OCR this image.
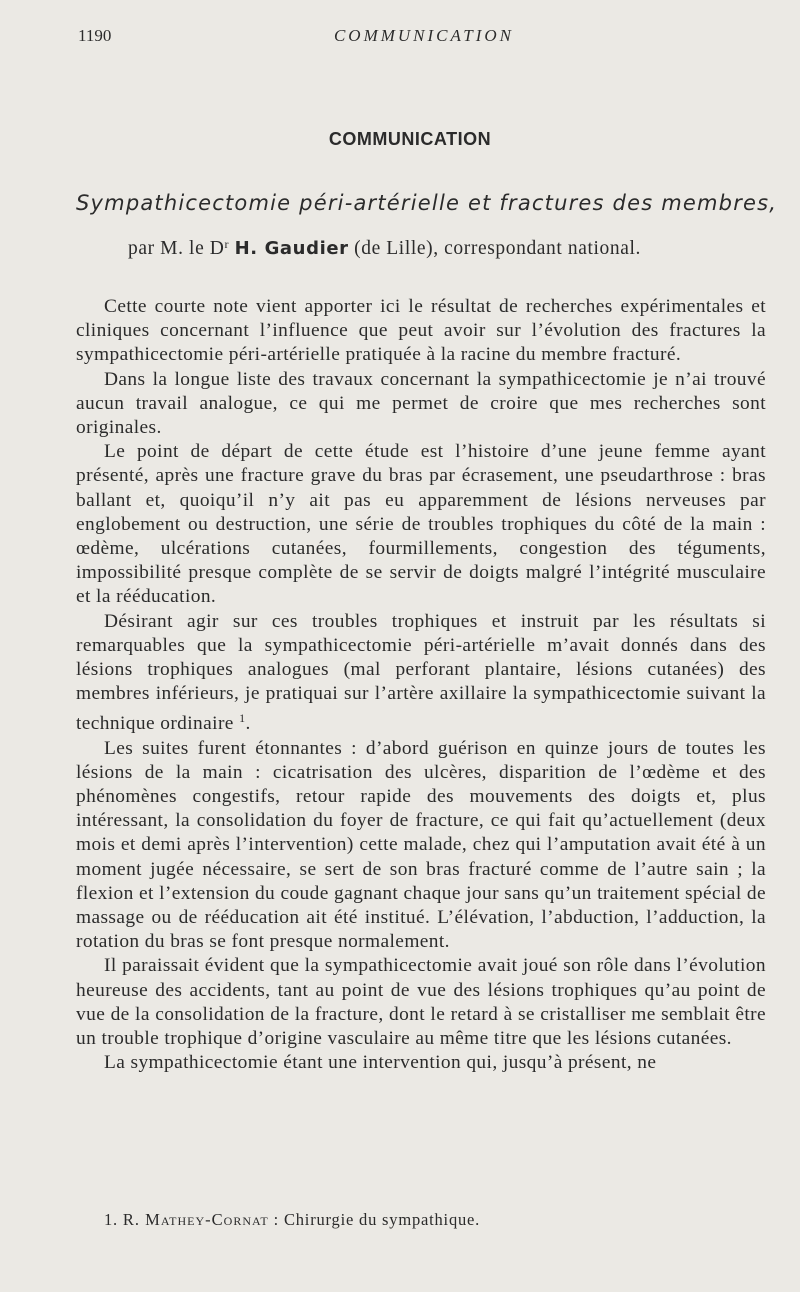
1190	COMMUNICATION
COMMUNICATION
Sympathicectomie péri-artérielle et fractures des membres,
par M. le $D^r$ H. Gaudier (de Lille), correspondant national.

Cette courte note vient apporter ici le résultat de recherches expérimentales et cliniques concernant l’influence que peut avoir sur l’évolution des fractures la sympathicectomie péri-artérielle pratiquée à la racine du membre fracturé.

Dans la longue liste des travaux concernant la sympathicectomie je n’ai trouvé aucun travail analogue, ce qui me permet de croire que mes recherches sont originales.

Le point de départ de cette étude est l’histoire d’une jeune femme ayant présenté, après une fracture grave du bras par écrasement, une pseudarthrose : bras ballant et, quoiqu’il n’y ait pas eu apparemment de lésions nerveuses par englobement ou destruction, une série de troubles trophiques du côté de la main : œdème, ulcérations cutanées, fourmillements, congestion des téguments, impossibilité presque complète de se servir de doigts malgré l’intégrité musculaire et la rééducation.

Désirant agir sur ces troubles trophiques et instruit par les résultats si remarquables que la sympathicectomie péri-artérielle m’avait donnés dans des lésions trophiques analogues (mal perforant plantaire, lésions cutanées) des membres inférieurs, je pratiquai sur l’artère axillaire la sympathicectomie suivant la technique ordinaire $^1$.

Les suites furent étonnantes : d’abord guérison en quinze jours de toutes les lésions de la main : cicatrisation des ulcères, disparition de l’œdème et des phénomènes congestifs, retour rapide des mouvements des doigts et, plus intéressant, la consolidation du foyer de fracture, ce qui fait qu’actuellement (deux mois et demi après l’intervention) cette malade, chez qui l’amputation avait été à un moment jugée nécessaire, se sert de son bras fracturé comme de l’autre sain ; la flexion et l’extension du coude gagnant chaque jour sans qu’un traitement spécial de massage ou de rééducation ait été institué. L’élévation, l’abduction, l’adduction, la rotation du bras se font presque normalement.

Il paraissait évident que la sympathicectomie avait joué son rôle dans l’évolution heureuse des accidents, tant au point de vue des lésions trophiques qu’au point de vue de la consolidation de la fracture, dont le retard à se cristalliser me semblait être un trouble trophique d’origine vasculaire au même titre que les lésions cutanées.

La sympathicectomie étant une intervention qui, jusqu’à présent, ne

1. R. Mathey-Cornat : Chirurgie du sympathique.
